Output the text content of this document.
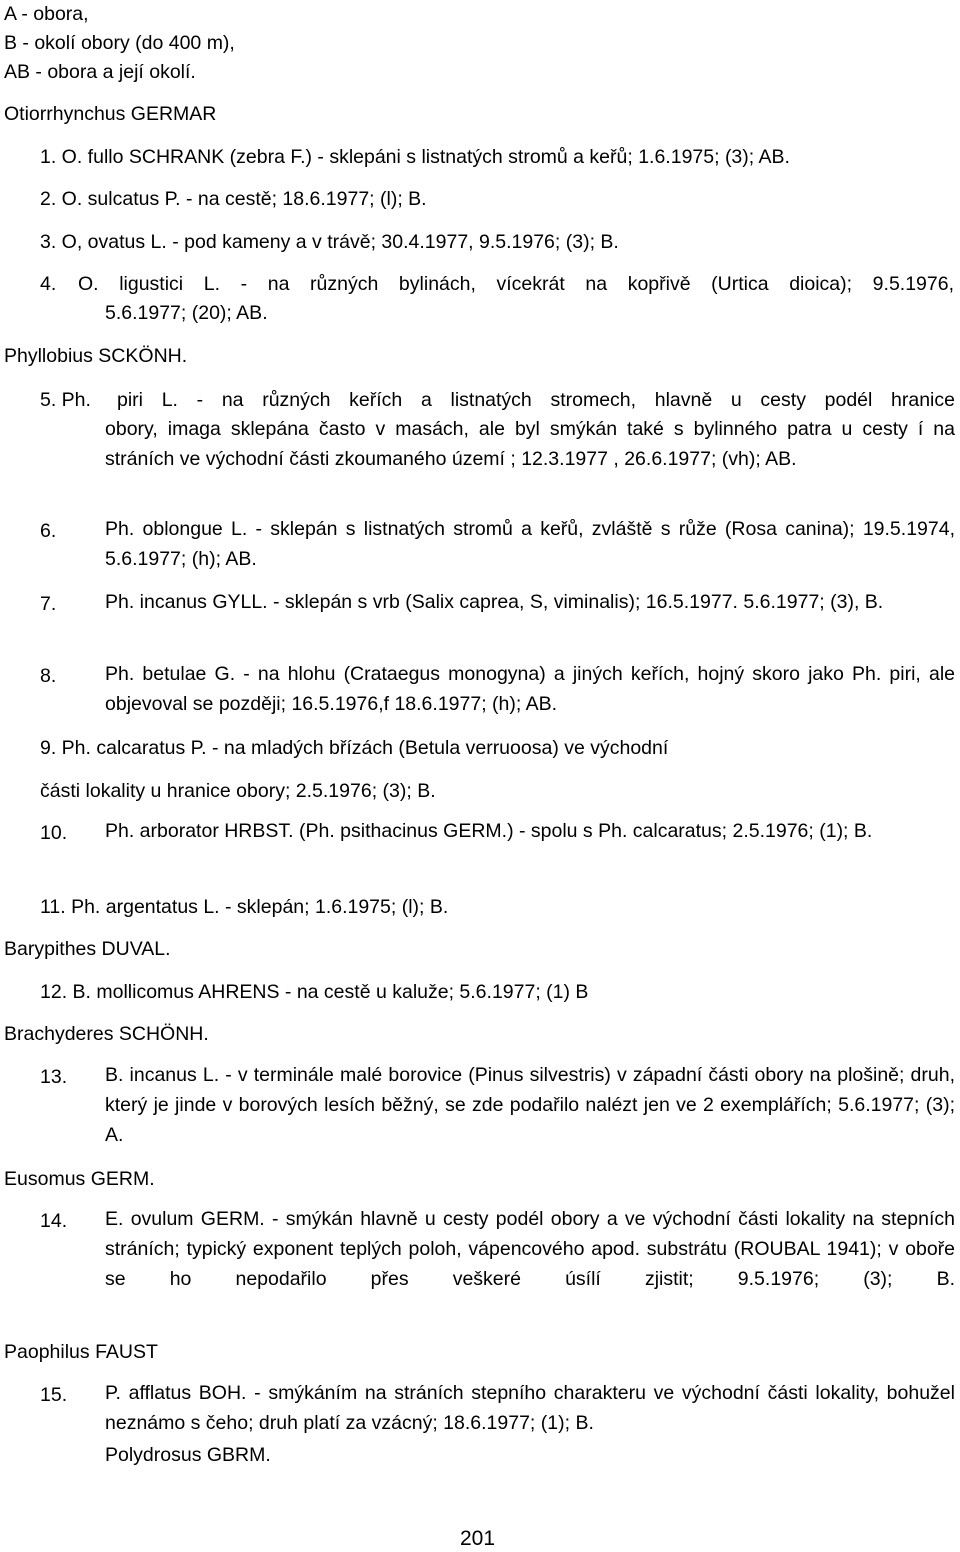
A - obora,
B - okolí obory (do 400 m),
AB - obora a její okolí.
Otiorrhynchus GERMAR
1. O. fullo SCHRANK (zebra F.) - sklepáni s listnatých stromů a keřů; 1.6.1975; (3); AB.
2. O. sulcatus P. - na cestě; 18.6.1977; (l); B.
3. O, ovatus L. - pod kameny a v trávě; 30.4.1977, 9.5.1976; (3); B.
4. O. ligustici L. - na různých bylinách, vícekrát na kopřivě (Urtica dioica); 9.5.1976,
5.6.1977; (20); AB.
Phyllobius SCKÖNH.
5. Ph. piri L. - na různých keřích a listnatých stromech, hlavně u cesty podél hranice
obory, imaga sklepána často v masách, ale byl smýkán také s bylinného patra u cesty í na stráních ve východní části zkoumaného území ; 12.3.1977 , 26.6.1977; (vh); AB.
6. Ph. oblongue L. - sklepán s listnatých stromů a keřů, zvláště s růže (Rosa canina); 19.5.1974, 5.6.1977; (h); AB.
7. Ph. incanus GYLL. - sklepán s vrb (Salix caprea, S, viminalis); 16.5.1977. 5.6.1977; (3), B.
8. Ph. betulae G. - na hlohu (Crataegus monogyna) a jiných keřích, hojný skoro jako Ph. piri, ale objevoval se později; 16.5.1976,f 18.6.1977; (h); AB.
9. Ph. calcaratus P. - na mladých břízách (Betula verruoosa) ve východní
části lokality u hranice obory; 2.5.1976; (3); B.
10. Ph. arborator HRBST. (Ph. psithacinus GERM.) - spolu s Ph. calcaratus; 2.5.1976; (1); B.
11. Ph. argentatus L. - sklepán; 1.6.1975; (l); B.
Barypithes DUVAL.
12. B. mollicomus AHRENS - na cestě u kaluže; 5.6.1977; (1) B
Brachyderes SCHÖNH.
13. B. incanus L. - v terminále malé borovice (Pinus silvestris) v západní části obory na plošině; druh, který je jinde v borových lesích běžný, se zde podařilo nalézt jen ve 2 exemplářích; 5.6.1977; (3); A.
Eusomus GERM.
14. E. ovulum GERM. - smýkán hlavně u cesty podél obory a ve východní části lokality na stepních stráních; typický exponent teplých poloh, vápencového apod. substrátu (ROUBAL 1941); v oboře se ho nepodařilo přes veškeré úsílí zjistit; 9.5.1976; (3); B.
Paophilus FAUST
15. P. afflatus BOH. - smýkáním na stráních stepního charakteru ve východní části lokality, bohužel neznámo s čeho; druh platí za vzácný; 18.6.1977; (1); B.
Polydrosus GBRM.
201
